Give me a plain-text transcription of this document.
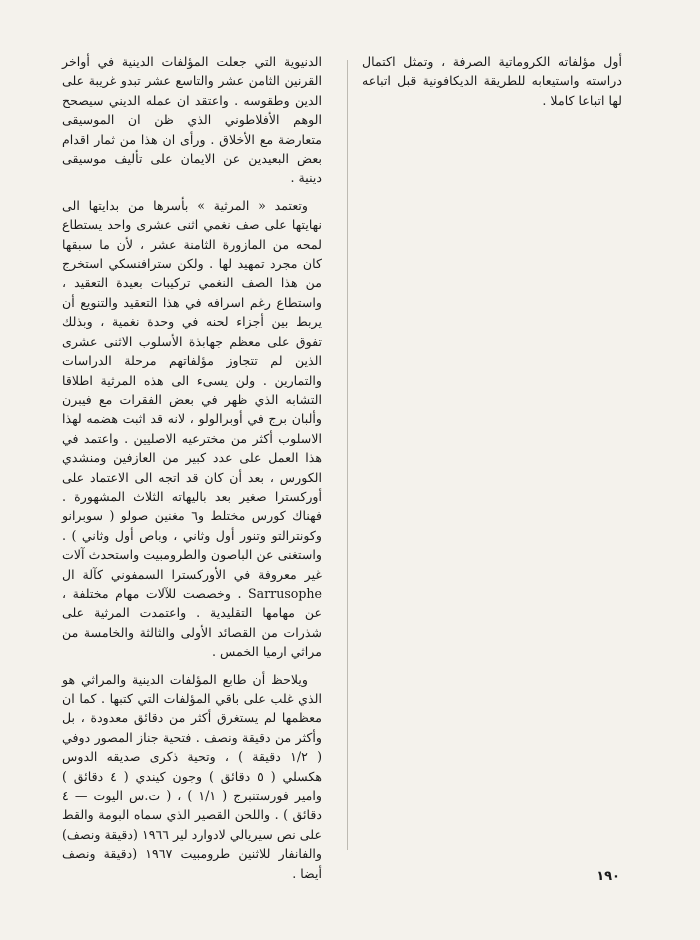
أول مؤلفاته الكروماتية الصرفة ، وتمثل اكتمال دراسته واستيعابه للطريقة الديكافونية قبل اتباعه لها اتباعا كاملا .

الدنيوية التي جعلت المؤلفات الدينية في أواخر القرنين الثامن عشر والتاسع عشر تبدو غريبة على الدين وطقوسه . واعتقد ان عمله الديني سيصحح الوهم الأفلاطوني الذي ظن ان الموسيقى متعارضة مع الأخلاق . ورأى ان هذا من ثمار اقدام بعض البعيدين عن الايمان على تأليف موسيقى دينية .

وتعتمد « المرثية » بأسرها من بدايتها الى نهايتها على صف نغمي اثنى عشرى واحد يستطاع لمحه من المازورة الثامنة عشر ، لأن ما سبقها كان مجرد تمهيد لها . ولكن سترافنسكي استخرج من هذا الصف النغمي تركيبات بعيدة التعقيد ، واستطاع رغم اسرافه في هذا التعقيد والتنويع أن يربط بين أجزاء لحنه في وحدة نغمية ، وبذلك تفوق على معظم جهابذة الأسلوب الاثنى عشرى الذين لم تتجاوز مؤلفاتهم مرحلة الدراسات والتمارين . ولن يسىء الى هذه المرثية اطلاقا التشابه الذي ظهر في بعض الفقرات مع فيبرن وألبان برج في أوبرالولو ، لانه قد اثبت هضمه لهذا الاسلوب أكثر من مخترعيه الاصليين . واعتمد في هذا العمل على عدد كبير من العازفين ومنشدي الكورس ، بعد أن كان قد اتجه الى الاعتماد على أوركسترا صغير بعد باليهاته الثلاث المشهورة . فهناك كورس مختلط و٦ مغنين صولو ( سوبرانو وكونترالتو وتنور أول وثاني ، وباص أول وثاني ) . واستغنى عن الباصون والطرومبيت واستحدث آلات غير معروفة في الأوركسترا السمفوني كآلة ال Sarrusophe . وخصصت للآلات مهام مختلفة ، عن مهامها التقليدية . واعتمدت المرثية على شذرات من القصائد الأولى والثالثة والخامسة من مراثي ارميا الخمس .

ويلاحظ أن طابع المؤلفات الدينية والمراثي هو الذي غلب على باقي المؤلفات التي كتبها . كما ان معظمها لم يستغرق أكثر من دقائق معدودة ، بل وأكثر من دقيقة ونصف . فتحية جناز المصور دوفي ( ١/٢ دقيقة ) ، وتحية ذكرى صديقه الدوس هكسلي ( ٥ دقائق ) وجون كيندي ( ٤ دقائق ) وامير فورستنبرج ( ١/١ ) ، ( ت.س اليوت — ٤ دقائق ) . واللحن القصير الذي سماه البومة والقط على نص سيريالي لادوارد لير ١٩٦٦ (دقيقة ونصف) والفانفار للاثنين طرومبيت ١٩٦٧ (دقيقة ونصف أيضا .	١٩٠
